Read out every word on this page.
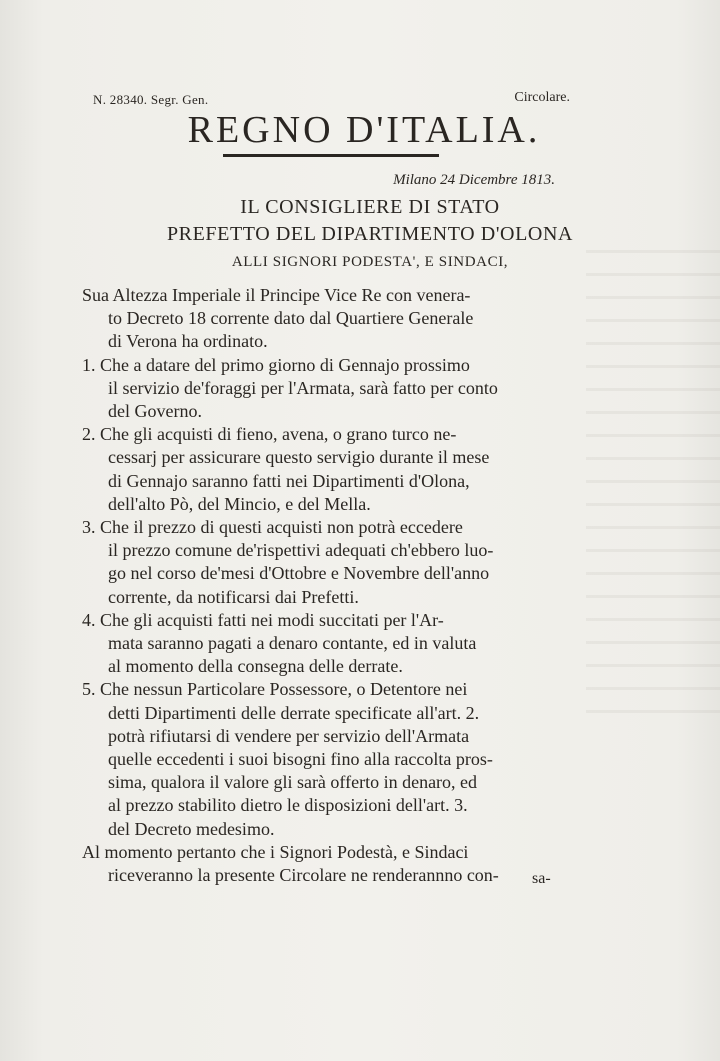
N. 28340. Segr. Gen.	Circolare.
REGNO D'ITALIA.
Milano 24 Dicembre 1813.
IL CONSIGLIERE DI STATO
PREFETTO DEL DIPARTIMENTO D'OLONA
ALLI SIGNORI PODESTA', E SINDACI,
Sua Altezza Imperiale il Principe Vice Re con venera-
to Decreto 18 corrente dato dal Quartiere Generale
di Verona ha ordinato.
1. Che a datare del primo giorno di Gennajo prossimo
il servizio de'foraggi per l'Armata, sarà fatto per conto
del Governo.
2. Che gli acquisti di fieno, avena, o grano turco ne-
cessarj per assicurare questo servigio durante il mese
di Gennajo saranno fatti nei Dipartimenti d'Olona,
dell'alto Pò, del Mincio, e del Mella.
3. Che il prezzo di questi acquisti non potrà eccedere
il prezzo comune de'rispettivi adequati ch'ebbero luo-
go nel corso de'mesi d'Ottobre e Novembre dell'anno
corrente, da notificarsi dai Prefetti.
4. Che gli acquisti fatti nei modi succitati per l'Ar-
mata saranno pagati a denaro contante, ed in valuta
al momento della consegna delle derrate.
5. Che nessun Particolare Possessore, o Detentore nei
detti Dipartimenti delle derrate specificate all'art. 2.
potrà rifiutarsi di vendere per servizio dell'Armata
quelle eccedenti i suoi bisogni fino alla raccolta pros-
sima, qualora il valore gli sarà offerto in denaro, ed
al prezzo stabilito dietro le disposizioni dell'art. 3.
del Decreto medesimo.
Al momento pertanto che i Signori Podestà, e Sindaci
riceveranno la presente Circolare ne renderannno con- sa-
